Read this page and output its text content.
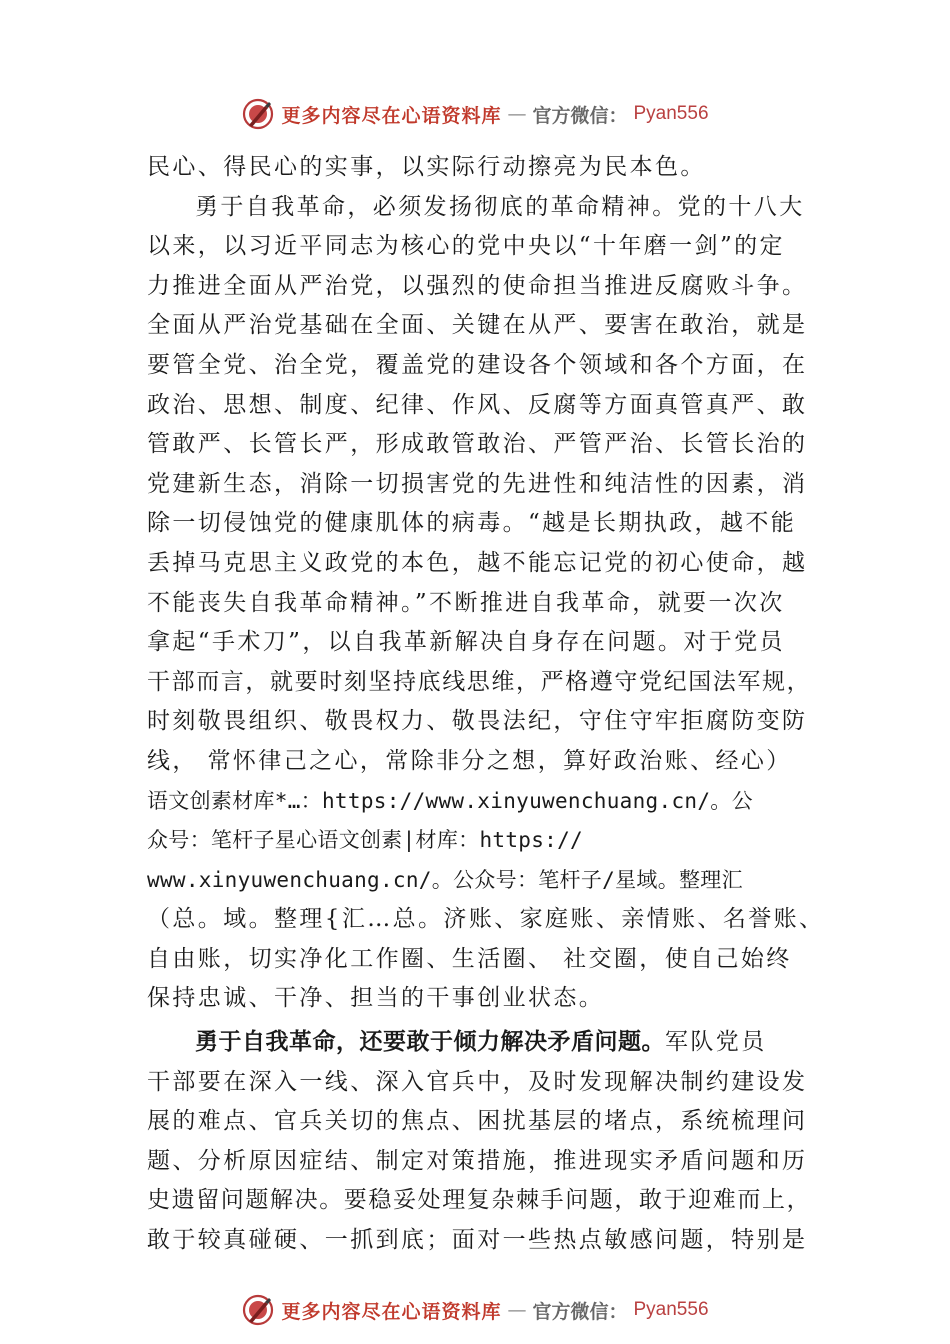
更多内容尽在心语资料库 — 官方微信： Pyan556
民心、得民心的实事，以实际行动擦亮为民本色。
勇于自我革命，必须发扬彻底的革命精神。党的十八大
以来，以习近平同志为核心的党中央以“十年磨一剑”的定
力推进全面从严治党，以强烈的使命担当推进反腐败斗争。
全面从严治党基础在全面、关键在从严、要害在敢治，就是
要管全党、治全党，覆盖党的建设各个领域和各个方面，在
政治、思想、制度、纪律、作风、反腐等方面真管真严、敢
管敢严、长管长严，形成敢管敢治、严管严治、长管长治的
党建新生态，消除一切损害党的先进性和纯洁性的因素，消
除一切侵蚀党的健康肌体的病毒。“越是长期执政，越不能
丢掉马克思主义政党的本色，越不能忘记党的初心使命，越
不能丧失自我革命精神。”不断推进自我革命，就要一次次
拿起“手术刀”，以自我革新解决自身存在问题。对于党员
干部而言，就要时刻坚持底线思维，严格遵守党纪国法军规，
时刻敬畏组织、敬畏权力、敬畏法纪，守住守牢拒腐防变防
线， 常怀律己之心，常除非分之想，算好政治账、经心）
语文创素材库*…：https://www.xinyuwenchuang.cn/。公
众号：笔杆子星心语文创素|材库：https://
www.xinyuwenchuang.cn/。公众号：笔杆子/星域。整理汇
（总。域。整理{汇…总。济账、家庭账、亲情账、名誉账、
自由账，切实净化工作圈、生活圈、 社交圈，使自己始终
保持忠诚、干净、担当的干事创业状态。
勇于自我革命，还要敢于倾力解决矛盾问题。军队党员
干部要在深入一线、深入官兵中，及时发现解决制约建设发
展的难点、官兵关切的焦点、困扰基层的堵点，系统梳理问
题、分析原因症结、制定对策措施，推进现实矛盾问题和历
史遗留问题解决。要稳妥处理复杂棘手问题，敢于迎难而上，
敢于较真碰硬、一抓到底；面对一些热点敏感问题，特别是
更多内容尽在心语资料库 — 官方微信： Pyan556
